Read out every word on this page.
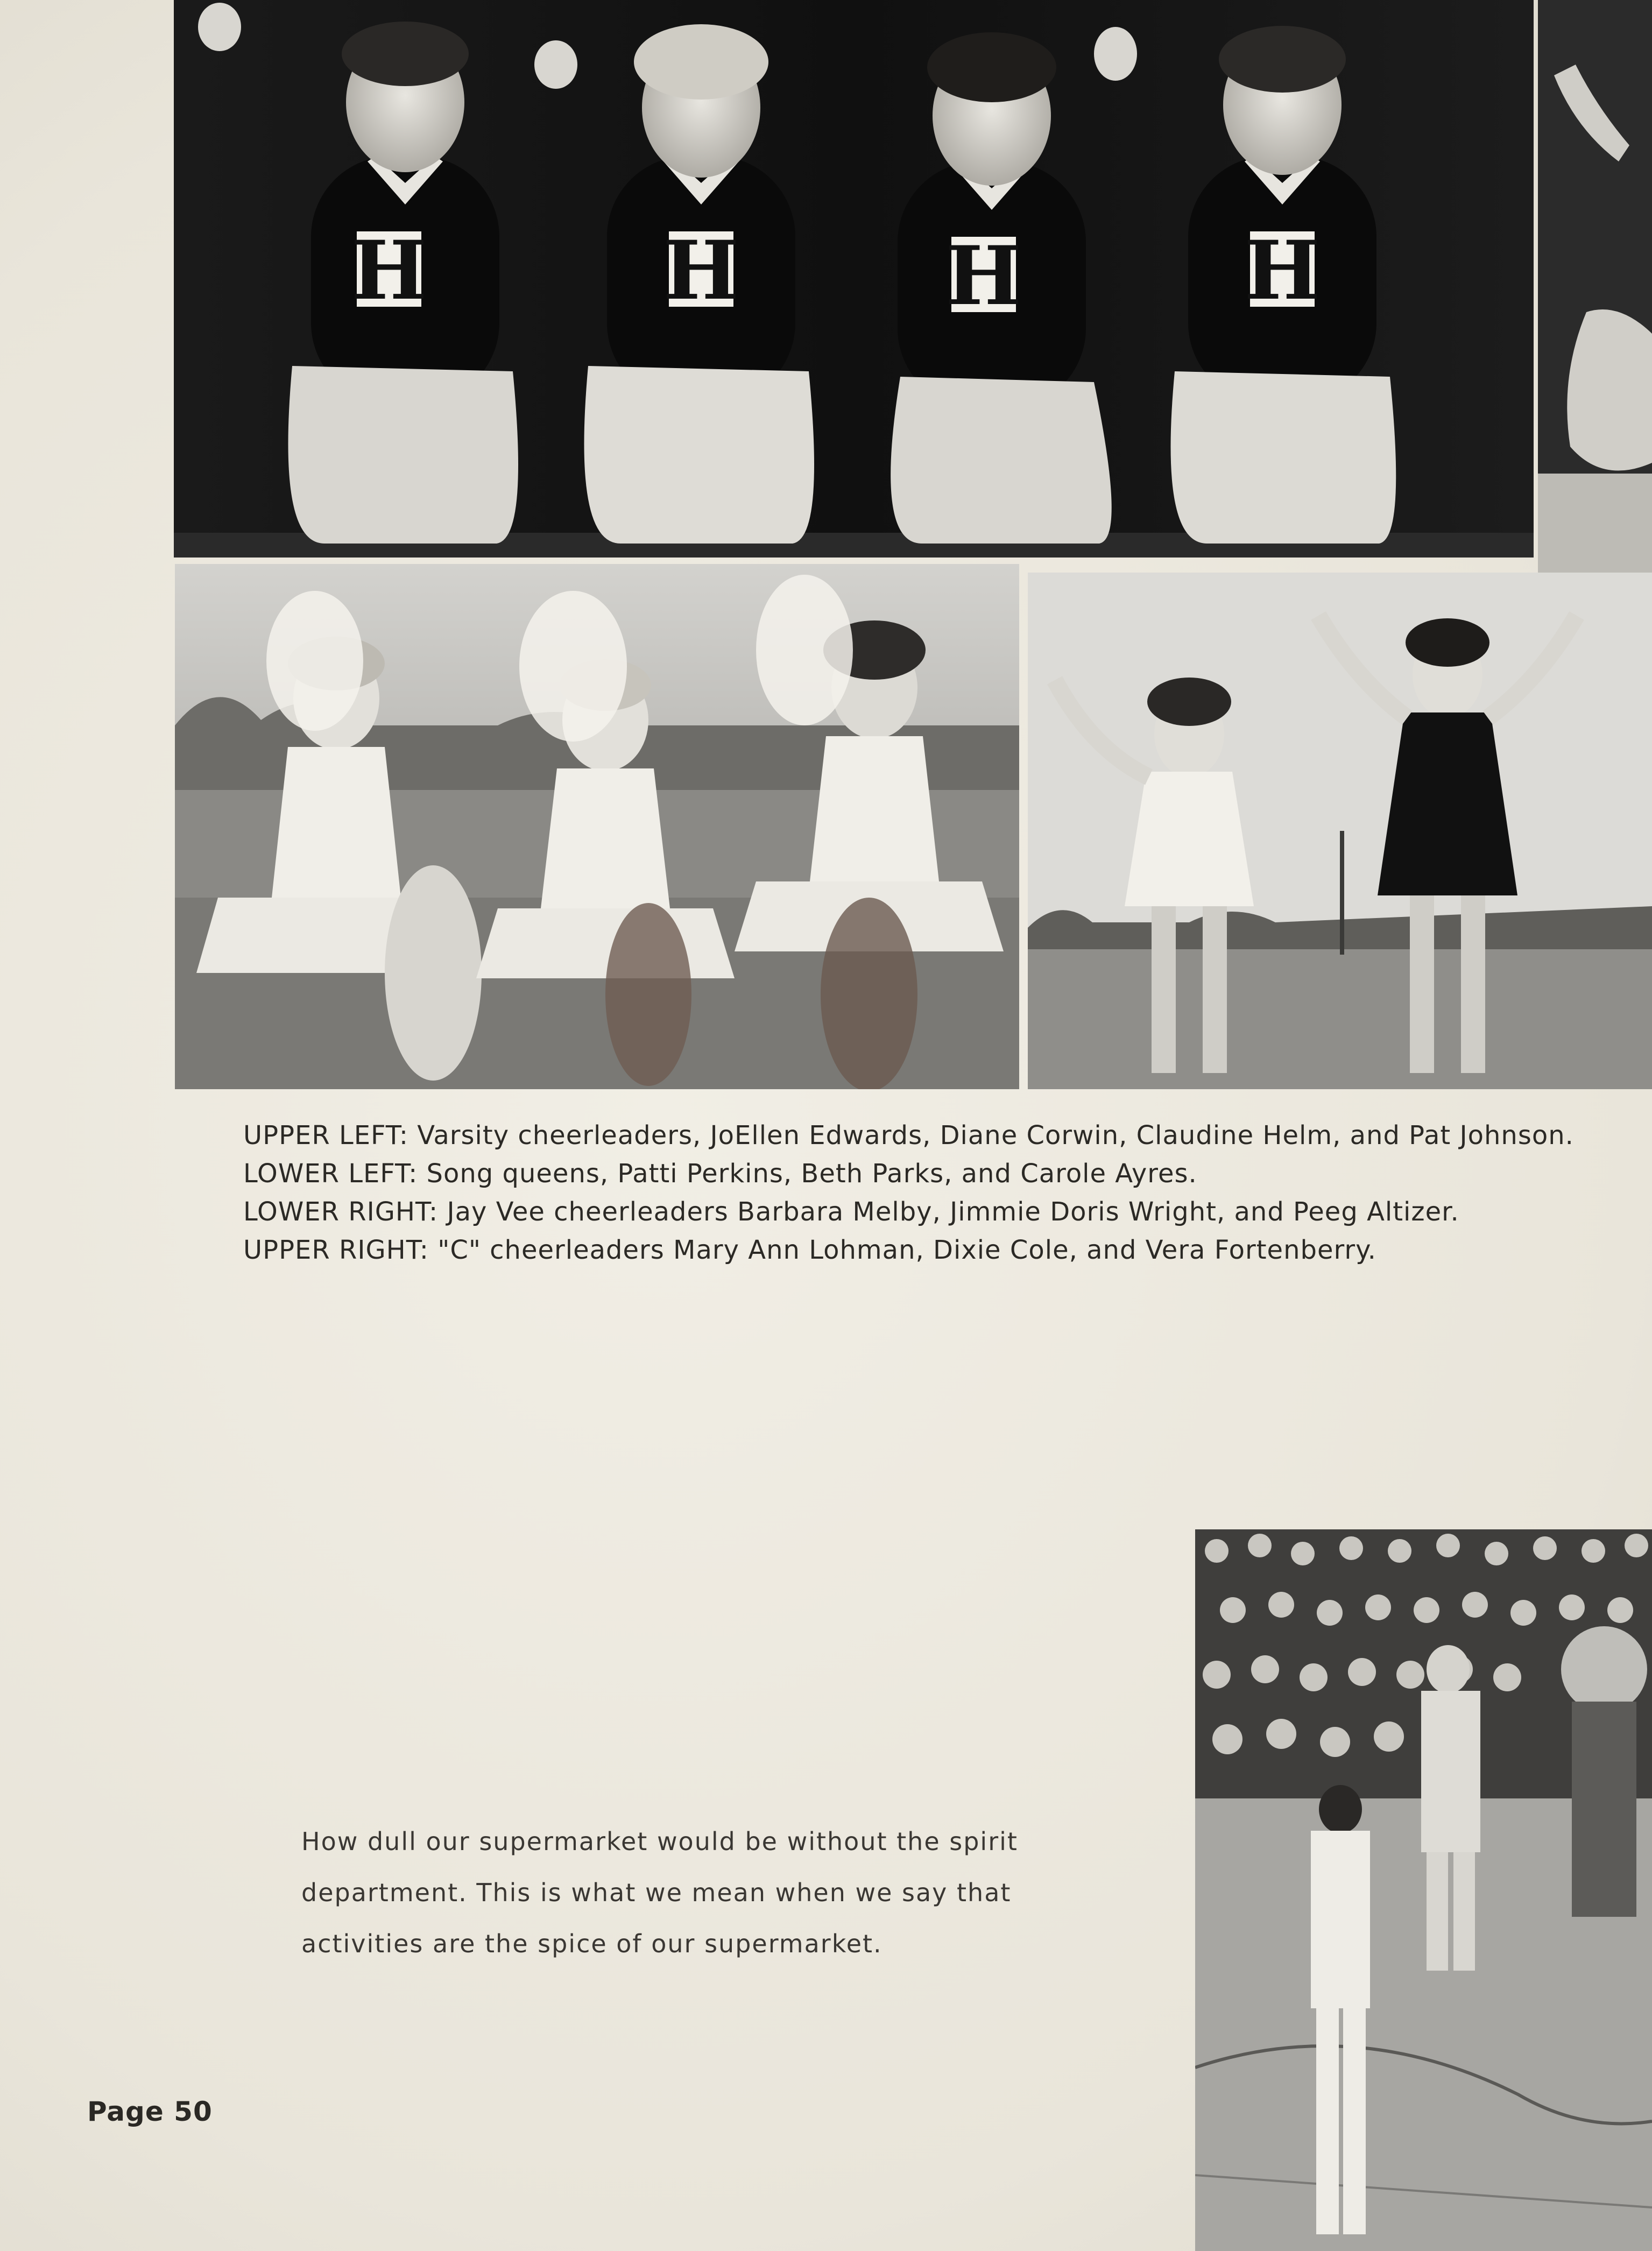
H	H	H	H
UPPER LEFT: Varsity cheerleaders, JoEllen Edwards, Diane Corwin, Claudine Helm, and Pat Johnson.
LOWER LEFT: Song queens, Patti Perkins, Beth Parks, and Carole Ayres.
LOWER RIGHT: Jay Vee cheerleaders Barbara Melby, Jimmie Doris Wright, and Peeg Altizer.
UPPER RIGHT: "C" cheerleaders Mary Ann Lohman, Dixie Cole, and Vera Fortenberry.
How dull our supermarket would be without the spirit
department. This is what we mean when we say that
activities are the spice of our supermarket.
Page 50
